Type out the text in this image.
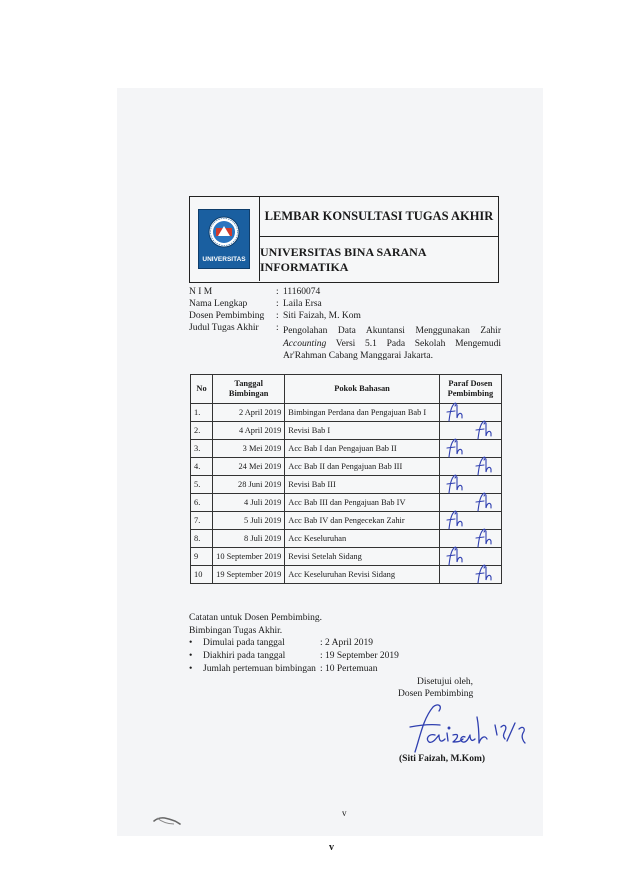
UNIVERSITAS
LEMBAR KONSULTASI TUGAS AKHIR
UNIVERSITAS BINA SARANA INFORMATIKA
N I M	: 11160074
Nama Lengkap	: Laila Ersa
Dosen Pembimbing : Siti Faizah, M. Kom
Judul Tugas Akhir : Pengolahan Data Akuntansi Menggunakan Zahir Accounting Versi 5.1 Pada Sekolah Mengemudi Ar'Rahman Cabang Manggarai Jakarta.
No	Tanggal Bimbingan	Pokok Bahasan	Paraf Dosen Pembimbing
1.	2 April 2019	Bimbingan Perdana dan Pengajuan Bab I	

2.	4 April 2019	Revisi Bab I	

3.	3 Mei 2019	Acc Bab I dan Pengajuan Bab II	

4.	24 Mei 2019	Acc Bab II dan Pengajuan Bab III	

5.	28 Juni 2019	Revisi Bab III	

6.	4 Juli 2019	Acc Bab III dan Pengajuan Bab IV	

7.	5 Juli 2019	Acc Bab IV dan Pengecekan Zahir	

8.	8 Juli 2019	Acc Keseluruhan	

9	10 September 2019	Revisi Setelah Sidang	

10	19 September 2019	Acc Keseluruhan Revisi Sidang	
Catatan untuk Dosen Pembimbing.
Bimbingan Tugas Akhir.
• Dimulai pada tanggal	: 2 April 2019
• Diakhiri pada tanggal	: 19 September 2019
• Jumlah pertemuan bimbingan : 10 Pertemuan
Disetujui oleh,
Dosen Pembimbing
(Siti Faizah, M.Kom)
v
v
